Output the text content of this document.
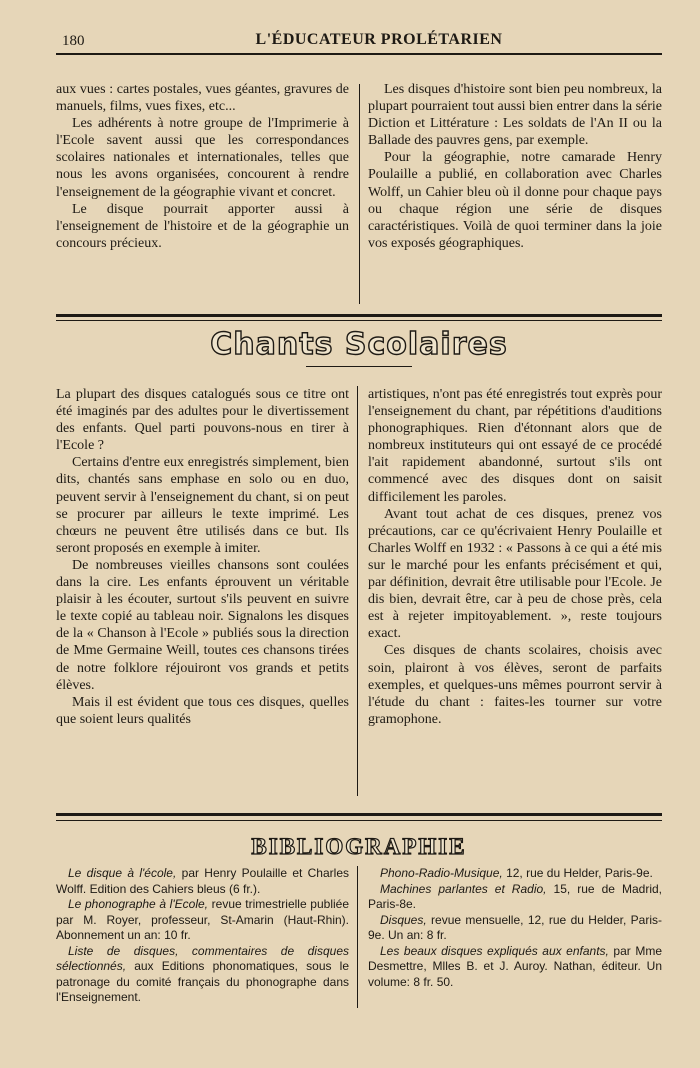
180	L'ÉDUCATEUR PROLÉTARIEN

aux vues : cartes postales, vues géantes, gravures de manuels, films, vues fixes, etc...

Les adhérents à notre groupe de l'Imprimerie à l'Ecole savent aussi que les correspondances scolaires nationales et internationales, telles que nous les avons organisées, concourent à rendre l'enseignement de la géographie vivant et concret.

Le disque pourrait apporter aussi à l'enseignement de l'histoire et de la géographie un concours précieux.

Les disques d'histoire sont bien peu nombreux, la plupart pourraient tout aussi bien entrer dans la série Diction et Littérature : Les soldats de l'An II ou la Ballade des pauvres gens, par exemple.

Pour la géographie, notre camarade Henry Poulaille a publié, en collaboration avec Charles Wolff, un Cahier bleu où il donne pour chaque pays ou chaque région une série de disques caractéristiques. Voilà de quoi terminer dans la joie vos exposés géographiques.

Chants Scolaires

La plupart des disques catalogués sous ce titre ont été imaginés par des adultes pour le divertissement des enfants. Quel parti pouvons-nous en tirer à l'Ecole ?

Certains d'entre eux enregistrés simplement, bien dits, chantés sans emphase en solo ou en duo, peuvent servir à l'enseignement du chant, si on peut se procurer par ailleurs le texte imprimé. Les chœurs ne peuvent être utilisés dans ce but. Ils seront proposés en exemple à imiter.

De nombreuses vieilles chansons sont coulées dans la cire. Les enfants éprouvent un véritable plaisir à les écouter, surtout s'ils peuvent en suivre le texte copié au tableau noir. Signalons les disques de la « Chanson à l'Ecole » publiés sous la direction de Mme Germaine Weill, toutes ces chansons tirées de notre folklore réjouiront vos grands et petits élèves.

Mais il est évident que tous ces disques, quelles que soient leurs qualités

artistiques, n'ont pas été enregistrés tout exprès pour l'enseignement du chant, par répétitions d'auditions phonographiques. Rien d'étonnant alors que de nombreux instituteurs qui ont essayé de ce procédé l'ait rapidement abandonné, surtout s'ils ont commencé avec des disques dont on saisit difficilement les paroles.

Avant tout achat de ces disques, prenez vos précautions, car ce qu'écrivaient Henry Poulaille et Charles Wolff en 1932 : « Passons à ce qui a été mis sur le marché pour les enfants précisément et qui, par définition, devrait être utilisable pour l'Ecole. Je dis bien, devrait être, car à peu de chose près, cela est à rejeter impitoyablement. », reste toujours exact.

Ces disques de chants scolaires, choisis avec soin, plairont à vos élèves, seront de parfaits exemples, et quelques-uns mêmes pourront servir à l'étude du chant : faites-les tourner sur votre gramophone.

BIBLIOGRAPHIE

Le disque à l'école, par Henry Poulaille et Charles Wolff. Edition des Cahiers bleus (6 fr.).

Le phonographe à l'Ecole, revue trimestrielle publiée par M. Royer, professeur, St-Amarin (Haut-Rhin). Abonnement un an: 10 fr.

Liste de disques, commentaires de disques sélectionnés, aux Editions phonomatiques, sous le patronage du comité français du phonographe dans l'Enseignement.

Phono-Radio-Musique, 12, rue du Helder, Paris-9e.

Machines parlantes et Radio, 15, rue de Madrid, Paris-8e.

Disques, revue mensuelle, 12, rue du Helder, Paris-9e. Un an: 8 fr.

Les beaux disques expliqués aux enfants, par Mme Desmettre, Mlles B. et J. Auroy. Nathan, éditeur. Un volume: 8 fr. 50.
